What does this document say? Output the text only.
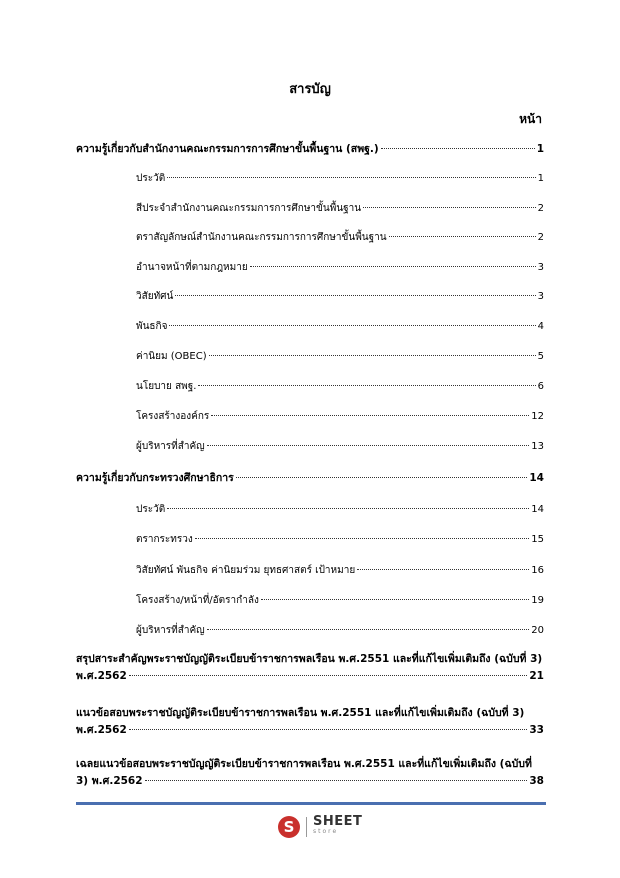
สารบัญ
หน้า
ความรู้เกี่ยวกับสำนักงานคณะกรรมการการศึกษาขั้นพื้นฐาน (สพฐ.)	1
ประวัติ	1
สีประจำสำนักงานคณะกรรมการการศึกษาขั้นพื้นฐาน	2
ตราสัญลักษณ์สำนักงานคณะกรรมการการศึกษาขั้นพื้นฐาน	2
อำนาจหน้าที่ตามกฎหมาย	3
วิสัยทัศน์	3
พันธกิจ	4
ค่านิยม (OBEC)	5
นโยบาย สพฐ.	6
โครงสร้างองค์กร	12
ผู้บริหารที่สำคัญ	13
ความรู้เกี่ยวกับกระทรวงศึกษาธิการ	14
ประวัติ	14
ตรากระทรวง	15
วิสัยทัศน์ พันธกิจ ค่านิยมร่วม ยุทธศาสตร์ เป้าหมาย	16
โครงสร้าง/หน้าที่/อัตรากำลัง	19
ผู้บริหารที่สำคัญ	20
สรุปสาระสำคัญพระราชบัญญัติระเบียบข้าราชการพลเรือน พ.ศ.2551 และที่แก้ไขเพิ่มเติมถึง (ฉบับที่ 3)
พ.ศ.2562	21
แนวข้อสอบพระราชบัญญัติระเบียบข้าราชการพลเรือน พ.ศ.2551 และที่แก้ไขเพิ่มเติมถึง (ฉบับที่ 3)
พ.ศ.2562	33
เฉลยแนวข้อสอบพระราชบัญญัติระเบียบข้าราชการพลเรือน พ.ศ.2551 และที่แก้ไขเพิ่มเติมถึง (ฉบับที่
3) พ.ศ.2562	38
S SHEET
store
